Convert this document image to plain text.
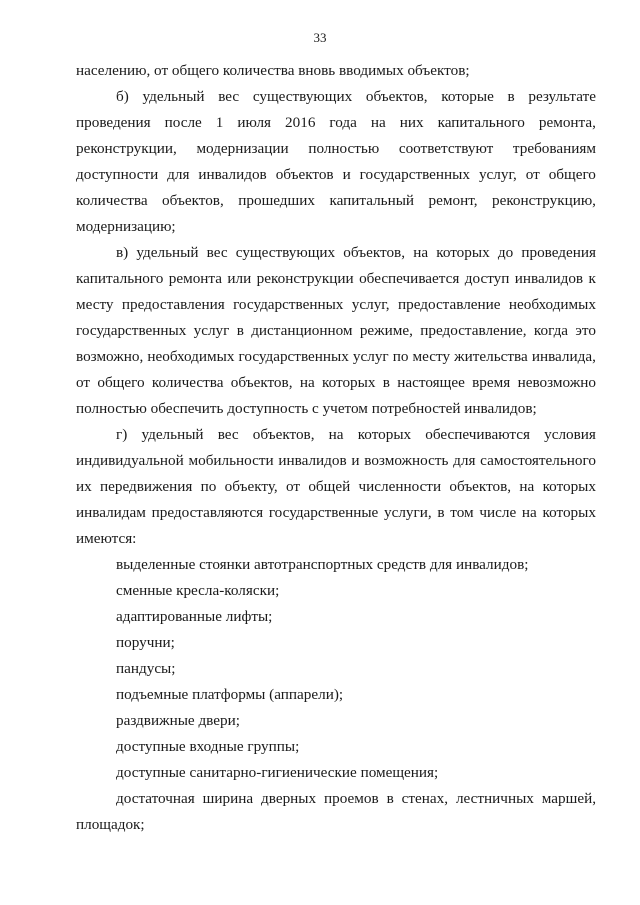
33
населению, от общего количества вновь вводимых объектов;
б) удельный вес существующих объектов, которые в результате
проведения после 1 июля 2016 года на них капитального ремонта,
реконструкции, модернизации полностью соответствуют требованиям
доступности для инвалидов объектов и государственных услуг, от общего
количества объектов, прошедших капитальный ремонт, реконструкцию,
модернизацию;
в) удельный вес существующих объектов, на которых до проведения
капитального ремонта или реконструкции обеспечивается доступ инвалидов к
месту предоставления государственных услуг, предоставление необходимых
государственных услуг в дистанционном режиме, предоставление, когда это
возможно, необходимых государственных услуг по месту жительства инвалида,
от общего количества объектов, на которых в настоящее время невозможно
полностью обеспечить доступность с учетом потребностей инвалидов;
г) удельный вес объектов, на которых обеспечиваются условия
индивидуальной мобильности инвалидов и возможность для самостоятельного
их передвижения по объекту, от общей численности объектов, на которых
инвалидам предоставляются государственные услуги, в том числе на которых
имеются:
выделенные стоянки автотранспортных средств для инвалидов;
сменные кресла-коляски;
адаптированные лифты;
поручни;
пандусы;
подъемные платформы (аппарели);
раздвижные двери;
доступные входные группы;
доступные санитарно-гигиенические помещения;
достаточная ширина дверных проемов в стенах, лестничных маршей,
площадок;
